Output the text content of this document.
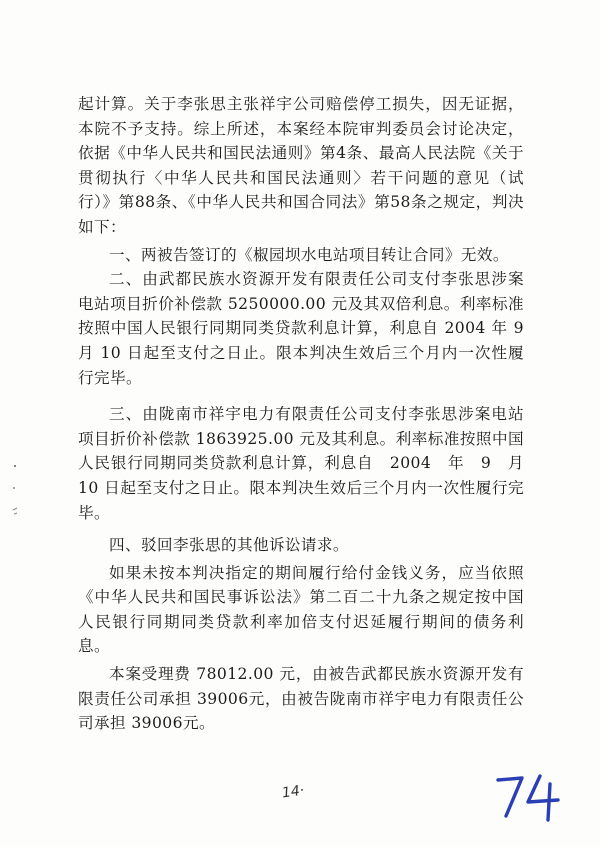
起计算。关于李张思主张祥宇公司赔偿停工损失，因无证据，本院不予支持。综上所述，本案经本院审判委员会讨论决定，依据《中华人民共和国民法通则》第4条、最高人民法院《关于贯彻执行〈中华人民共和国民法通则〉若干问题的意见（试行）》第88条、《中华人民共和国合同法》第58条之规定，判决如下：

一、两被告签订的《椒园坝水电站项目转让合同》无效。

二、由武都民族水资源开发有限责任公司支付李张思涉案电站项目折价补偿款 5250000.00 元及其双倍利息。利率标准按照中国人民银行同期同类贷款利息计算，利息自 2004 年 9 月 10 日起至支付之日止。限本判决生效后三个月内一次性履行完毕。

三、由陇南市祥宇电力有限责任公司支付李张思涉案电站项目折价补偿款 1863925.00 元及其利息。利率标准按照中国人民银行同期同类贷款利息计算，利息自　2004　年　9　月10 日起至支付之日止。限本判决生效后三个月内一次性履行完毕。

四、驳回李张思的其他诉讼请求。

如果未按本判决指定的期间履行给付金钱义务，应当依照《中华人民共和国民事诉讼法》第二百二十九条之规定按中国人民银行同期同类贷款利率加倍支付迟延履行期间的债务利息。

本案受理费 78012.00 元，由被告武都民族水资源开发有限责任公司承担 39006元，由被告陇南市祥宇电力有限责任公司承担 39006元。

14·
